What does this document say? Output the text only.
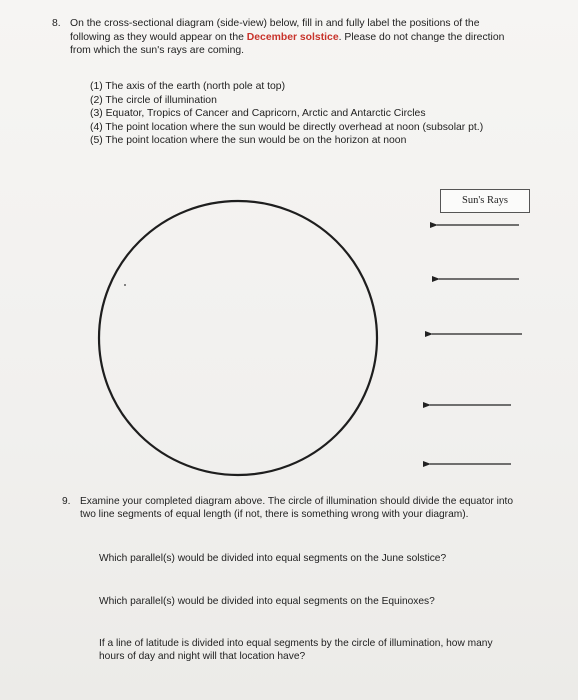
8. On the cross-sectional diagram (side-view) below, fill in and fully label the positions of the following as they would appear on the December solstice. Please do not change the direction from which the sun's rays are coming.
(1) The axis of the earth (north pole at top)
(2) The circle of illumination
(3) Equator, Tropics of Cancer and Capricorn, Arctic and Antarctic Circles
(4) The point location where the sun would be directly overhead at noon (subsolar pt.)
(5) The point location where the sun would be on the horizon at noon
Sun's Rays
9. Examine your completed diagram above. The circle of illumination should divide the equator into two line segments of equal length (if not, there is something wrong with your diagram).
Which parallel(s) would be divided into equal segments on the June solstice?
Which parallel(s) would be divided into equal segments on the Equinoxes?
If a line of latitude is divided into equal segments by the circle of illumination, how many hours of day and night will that location have?
